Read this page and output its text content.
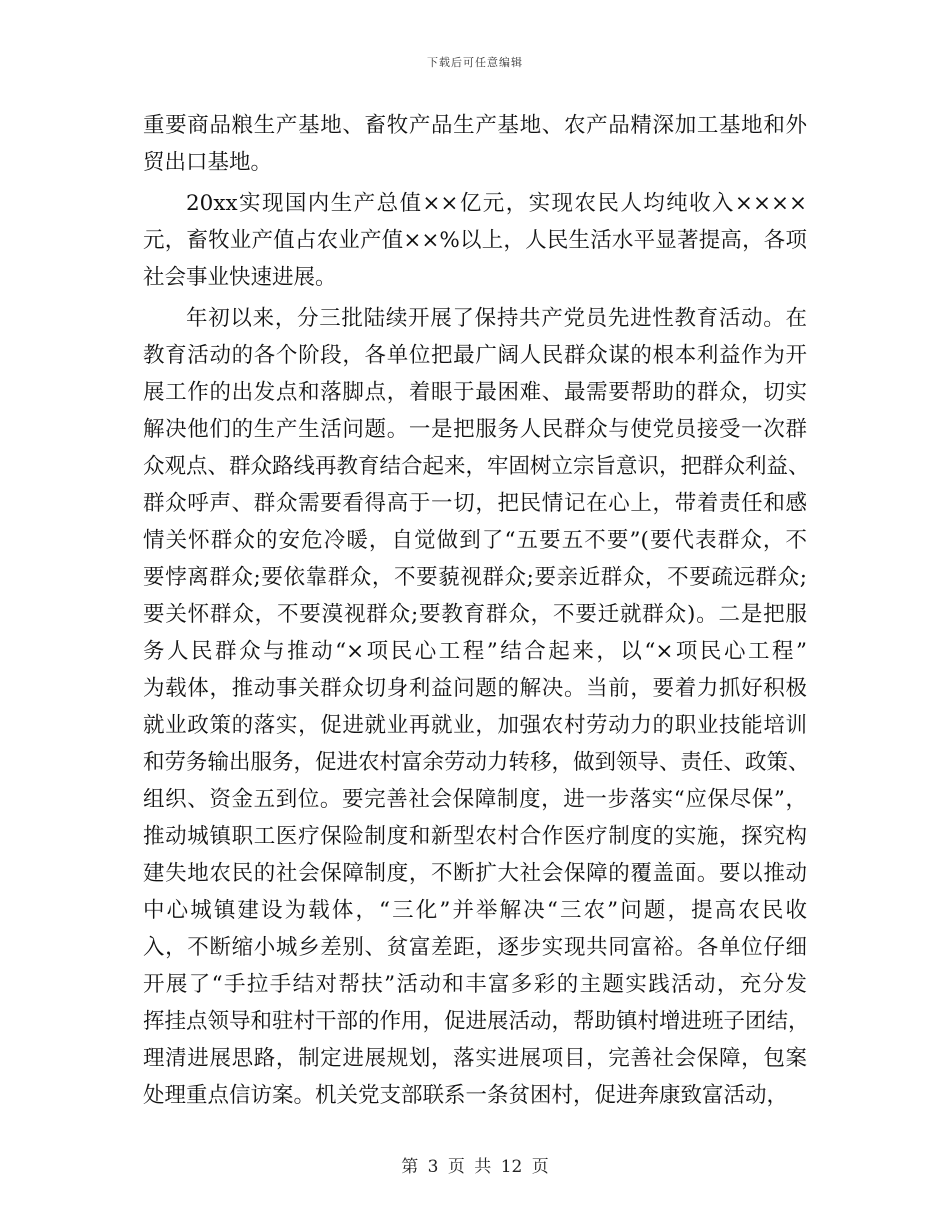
下载后可任意编辑
重要商品粮生产基地、畜牧产品生产基地、农产品精深加工基地和外
贸出口基地。
20xx实现国内生产总值××亿元，实现农民人均纯收入××××
元，畜牧业产值占农业产值××%以上，人民生活水平显著提高，各项
社会事业快速进展。
年初以来，分三批陆续开展了保持共产党员先进性教育活动。在
教育活动的各个阶段，各单位把最广阔人民群众谋的根本利益作为开
展工作的出发点和落脚点，着眼于最困难、最需要帮助的群众，切实
解决他们的生产生活问题。一是把服务人民群众与使党员接受一次群
众观点、群众路线再教育结合起来，牢固树立宗旨意识，把群众利益、
群众呼声、群众需要看得高于一切，把民情记在心上，带着责任和感
情关怀群众的安危冷暖，自觉做到了“五要五不要”(要代表群众，不
要悖离群众;要依靠群众，不要藐视群众;要亲近群众，不要疏远群众;
要关怀群众，不要漠视群众;要教育群众，不要迁就群众)。二是把服
务人民群众与推动“×项民心工程”结合起来，以“×项民心工程”
为载体，推动事关群众切身利益问题的解决。当前，要着力抓好积极
就业政策的落实，促进就业再就业，加强农村劳动力的职业技能培训
和劳务输出服务，促进农村富余劳动力转移，做到领导、责任、政策、
组织、资金五到位。要完善社会保障制度，进一步落实“应保尽保”，
推动城镇职工医疗保险制度和新型农村合作医疗制度的实施，探究构
建失地农民的社会保障制度，不断扩大社会保障的覆盖面。要以推动
中心城镇建设为载体，“三化”并举解决“三农”问题，提高农民收
入，不断缩小城乡差别、贫富差距，逐步实现共同富裕。各单位仔细
开展了“手拉手结对帮扶”活动和丰富多彩的主题实践活动，充分发
挥挂点领导和驻村干部的作用，促进展活动，帮助镇村增进班子团结，
理清进展思路，制定进展规划，落实进展项目，完善社会保障，包案
处理重点信访案。机关党支部联系一条贫困村，促进奔康致富活动，
第 3 页 共 12 页
